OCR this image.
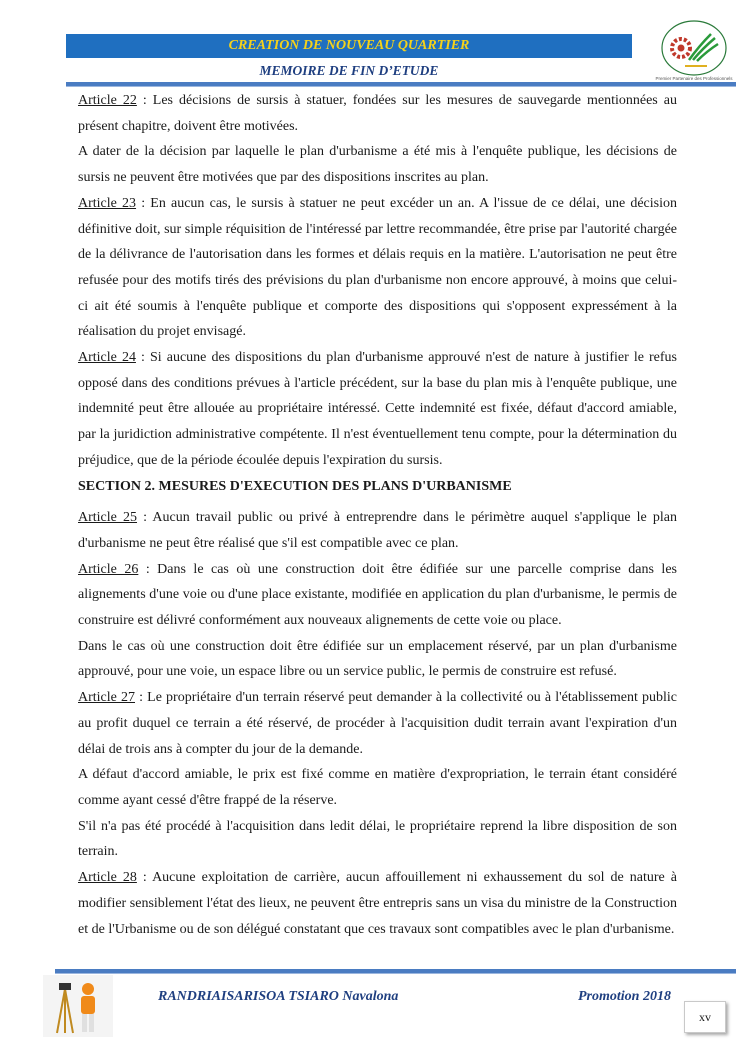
CREATION DE NOUVEAU QUARTIER
MEMOIRE DE FIN D’ETUDE
Premier Partenaire des Professionnels

Article 22 : Les décisions de sursis à statuer, fondées sur les mesures de sauvegarde mentionnées au présent chapitre, doivent être motivées.

A dater de la décision par laquelle le plan d'urbanisme a été mis à l'enquête publique, les décisions de sursis ne peuvent être motivées que par des dispositions inscrites au plan.

Article 23 : En aucun cas, le sursis à statuer ne peut excéder un an. A l'issue de ce délai, une décision définitive doit, sur simple réquisition de l'intéressé par lettre recommandée, être prise par l'autorité chargée de la délivrance de l'autorisation dans les formes et délais requis en la matière. L'autorisation ne peut être refusée pour des motifs tirés des prévisions du plan d'urbanisme non encore approuvé, à moins que celui-ci ait été soumis à l'enquête publique et comporte des dispositions qui s'opposent expressément à la réalisation du projet envisagé.

Article 24 : Si aucune des dispositions du plan d'urbanisme approuvé n'est de nature à justifier le refus opposé dans des conditions prévues à l'article précédent, sur la base du plan mis à l'enquête publique, une indemnité peut être allouée au propriétaire intéressé. Cette indemnité est fixée, défaut d'accord amiable, par la juridiction administrative compétente. Il n'est éventuellement tenu compte, pour la détermination du préjudice, que de la période écoulée depuis l'expiration du sursis.

SECTION 2. MESURES D'EXECUTION DES PLANS D'URBANISME

Article 25 : Aucun travail public ou privé à entreprendre dans le périmètre auquel s'applique le plan d'urbanisme ne peut être réalisé que s'il est compatible avec ce plan.

Article 26 : Dans le cas où une construction doit être édifiée sur une parcelle comprise dans les alignements d'une voie ou d'une place existante, modifiée en application du plan d'urbanisme, le permis de construire est délivré conformément aux nouveaux alignements de cette voie ou place.

Dans le cas où une construction doit être édifiée sur un emplacement réservé, par un plan d'urbanisme approuvé, pour une voie, un espace libre ou un service public, le permis de construire est refusé.

Article 27 : Le propriétaire d'un terrain réservé peut demander à la collectivité ou à l'établissement public au profit duquel ce terrain a été réservé, de procéder à l'acquisition dudit terrain avant l'expiration d'un délai de trois ans à compter du jour de la demande.

A défaut d'accord amiable, le prix est fixé comme en matière d'expropriation, le terrain étant considéré comme ayant cessé d'être frappé de la réserve.

S'il n'a pas été procédé à l'acquisition dans ledit délai, le propriétaire reprend la libre disposition de son terrain.

Article 28 : Aucune exploitation de carrière, aucun affouillement ni exhaussement du sol de nature à modifier sensiblement l'état des lieux, ne peuvent être entrepris sans un visa du ministre de la Construction et de l'Urbanisme ou de son délégué constatant que ces travaux sont compatibles avec le plan d'urbanisme.

RANDRIAISARISOA TSIARO Navalona	Promotion 2018
xv
